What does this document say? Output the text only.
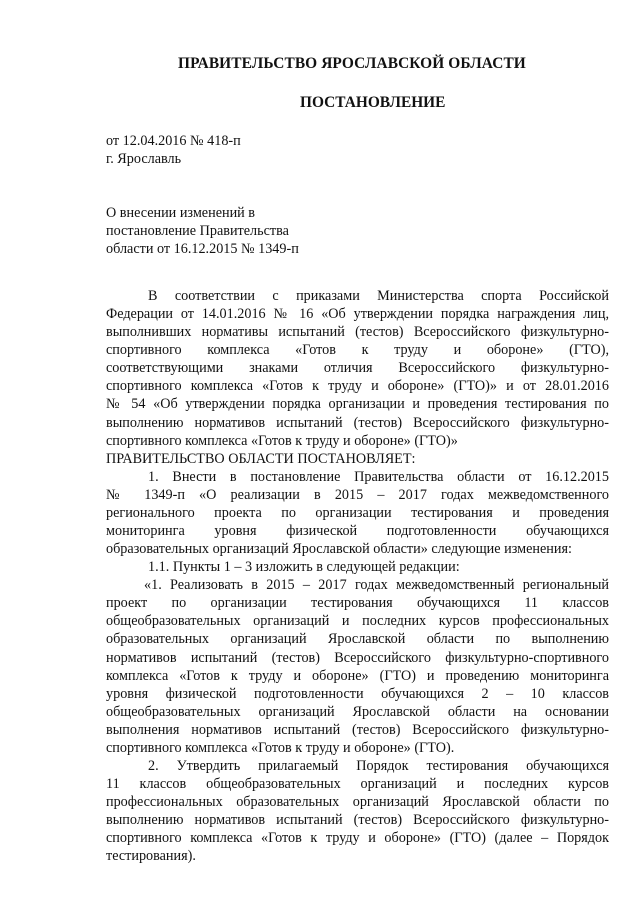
ПРАВИТЕЛЬСТВО ЯРОСЛАВСКОЙ ОБЛАСТИ
ПОСТАНОВЛЕНИЕ
от 12.04.2016 № 418-п
г. Ярославль
О внесении изменений в
постановление Правительства
области от 16.12.2015 № 1349-п
В соответствии с приказами Министерства спорта Российской
Федерации от 14.01.2016 № 16 «Об утверждении порядка награждения лиц,
выполнивших нормативы испытаний (тестов) Всероссийского физкультурно-
спортивного комплекса «Готов к труду и обороне» (ГТО),
соответствующими знаками отличия Всероссийского физкультурно-
спортивного комплекса «Готов к труду и обороне» (ГТО)» и от 28.01.2016
№ 54 «Об утверждении порядка организации и проведения тестирования по
выполнению нормативов испытаний (тестов) Всероссийского физкультурно-
спортивного комплекса «Готов к труду и обороне» (ГТО)»
ПРАВИТЕЛЬСТВО ОБЛАСТИ ПОСТАНОВЛЯЕТ:
1. Внести в постановление Правительства области от 16.12.2015
№ 1349-п «О реализации в 2015 – 2017 годах межведомственного
регионального проекта по организации тестирования и проведения
мониторинга уровня физической подготовленности обучающихся
образовательных организаций Ярославской области» следующие изменения:
1.1. Пункты 1 – 3 изложить в следующей редакции:
«1. Реализовать в 2015 – 2017 годах межведомственный региональный
проект по организации тестирования обучающихся 11 классов
общеобразовательных организаций и последних курсов профессиональных
образовательных организаций Ярославской области по выполнению
нормативов испытаний (тестов) Всероссийского физкультурно-спортивного
комплекса «Готов к труду и обороне» (ГТО) и проведению мониторинга
уровня физической подготовленности обучающихся 2 – 10 классов
общеобразовательных организаций Ярославской области на основании
выполнения нормативов испытаний (тестов) Всероссийского физкультурно-
спортивного комплекса «Готов к труду и обороне» (ГТО).
2. Утвердить прилагаемый Порядок тестирования обучающихся
11 классов общеобразовательных организаций и последних курсов
профессиональных образовательных организаций Ярославской области по
выполнению нормативов испытаний (тестов) Всероссийского физкультурно-
спортивного комплекса «Готов к труду и обороне» (ГТО) (далее – Порядок
тестирования).
